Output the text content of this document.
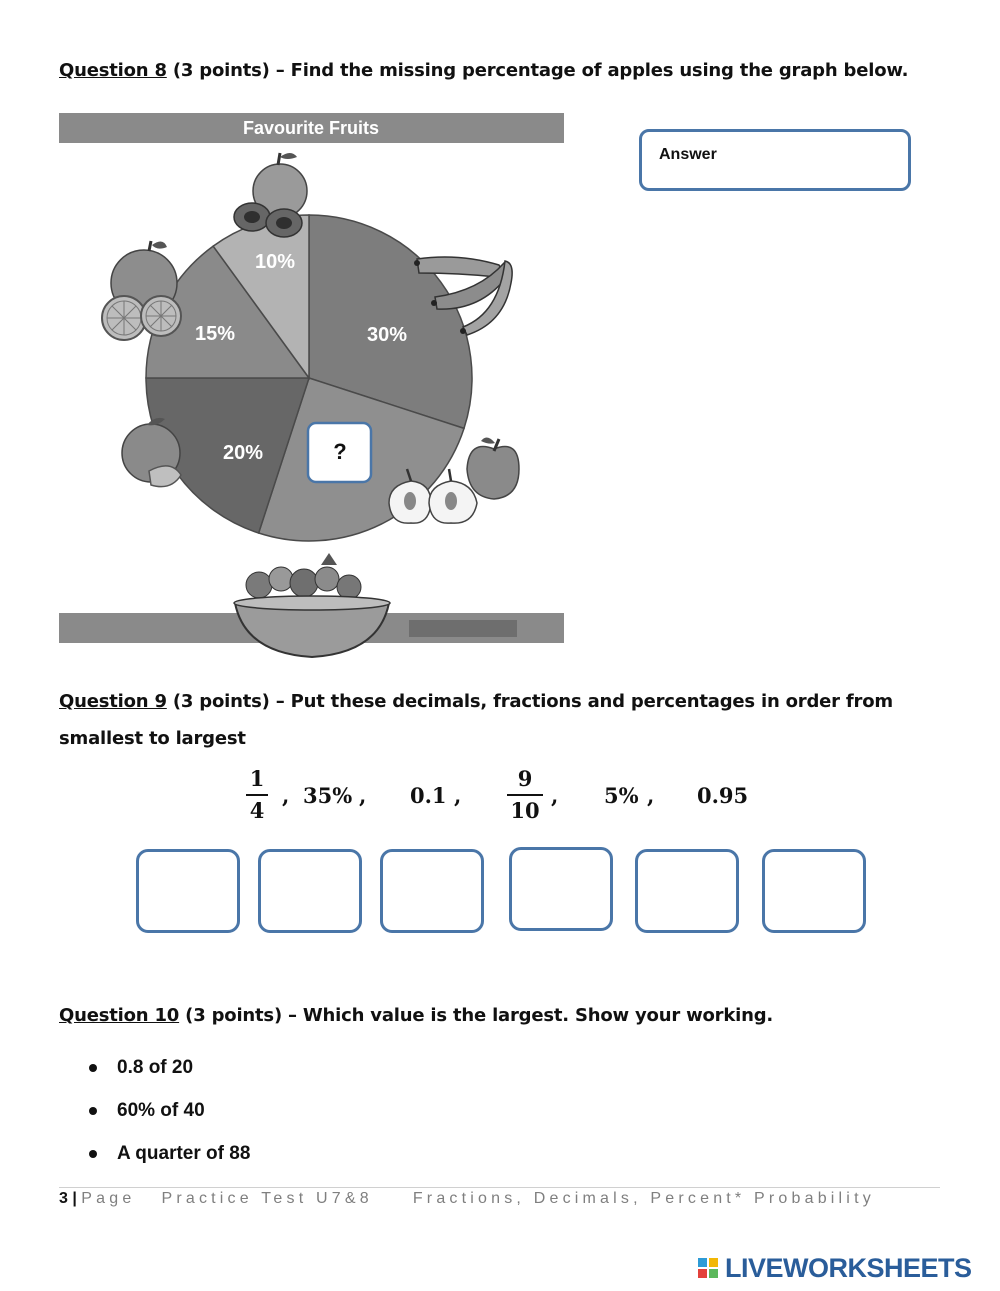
Question 8 (3 points) – Find the missing percentage of apples using the graph below.
Favourite Fruits
30%
15%
10%
20%	?
Answer
Question 9 (3 points) – Put these decimals, fractions and percentages in order from smallest to largest
1
4
, 35% , 0.1 ,
9
10
, 5% , 0.95
Question 10 (3 points) – Which value is the largest. Show your working.
0.8 of 20
60% of 40
A quarter of 88
3 | Page Practice Test U7&8	Fractions, Decimals, Percent* Probability
LIVEWORKSHEETS
